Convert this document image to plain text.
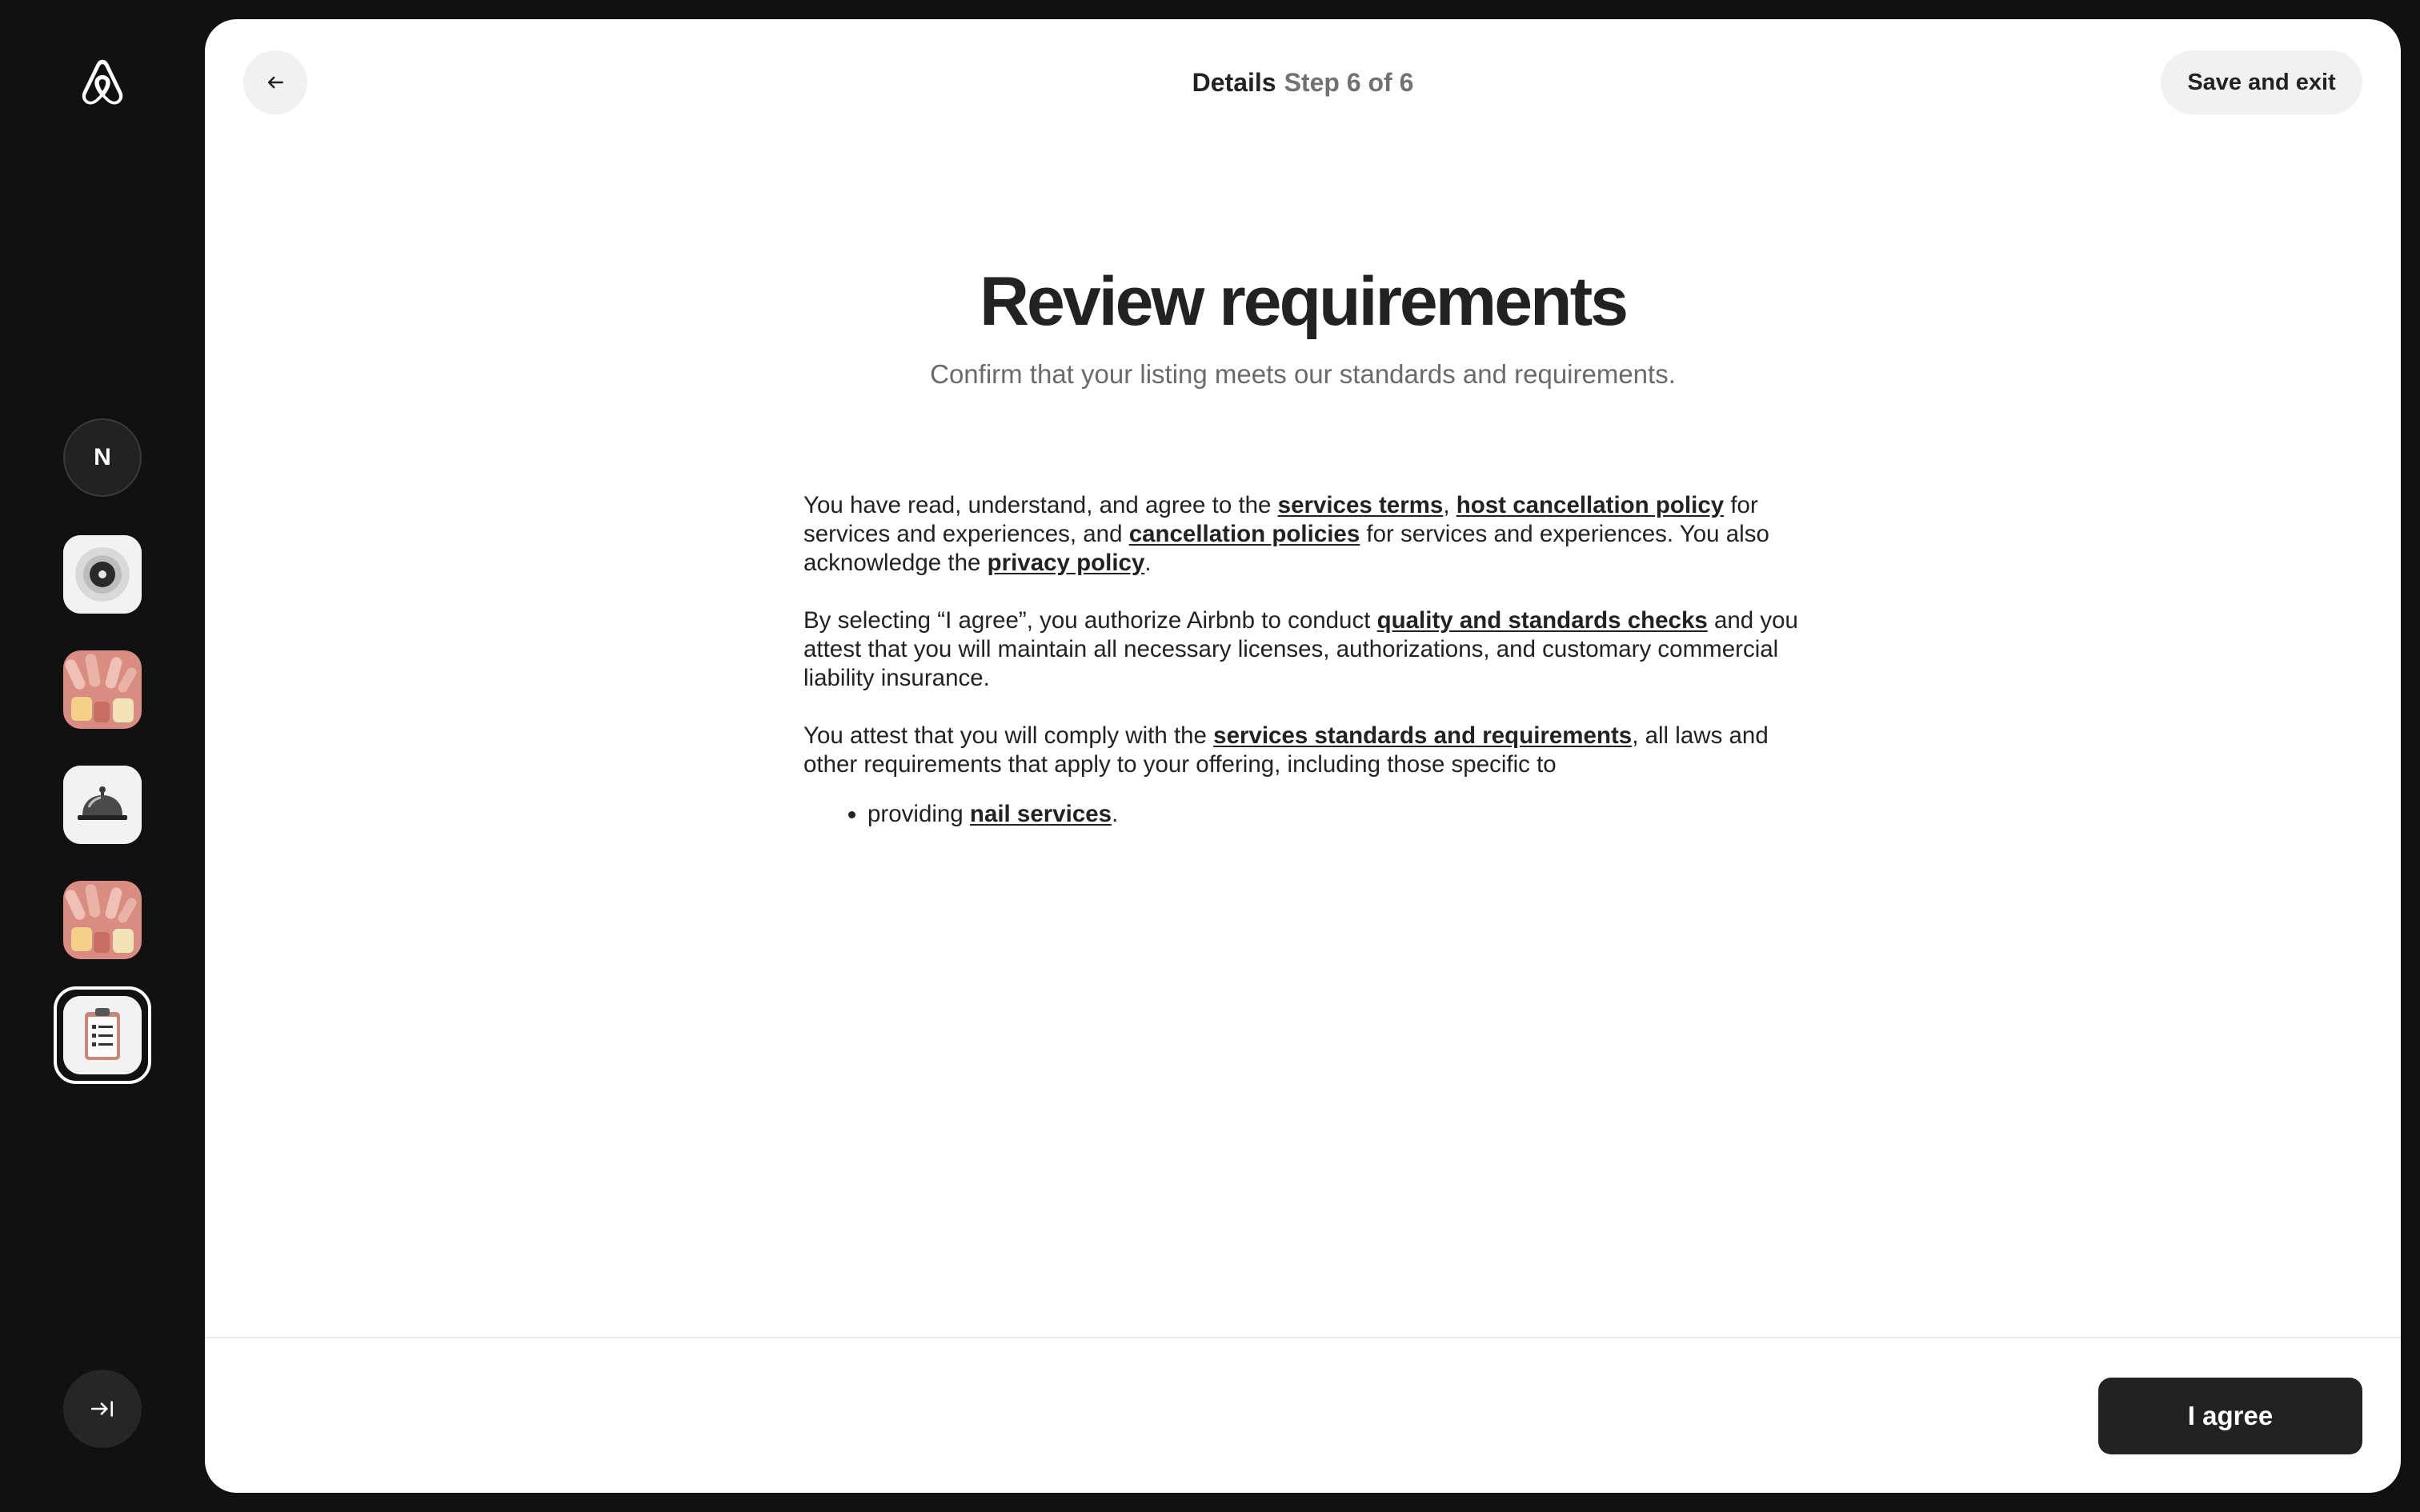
N
Details Step 6 of 6	Save and exit
Review requirements
Confirm that your listing meets our standards and requirements.

You have read, understand, and agree to the services terms, host cancellation policy for services and experiences, and cancellation policies for services and experiences. You also acknowledge the privacy policy.

By selecting “I agree”, you authorize Airbnb to conduct quality and standards checks and you attest that you will maintain all necessary licenses, authorizations, and customary commercial liability insurance.

You attest that you will comply with the services standards and requirements, all laws and other requirements that apply to your offering, including those specific to

• providing nail services.
I agree
